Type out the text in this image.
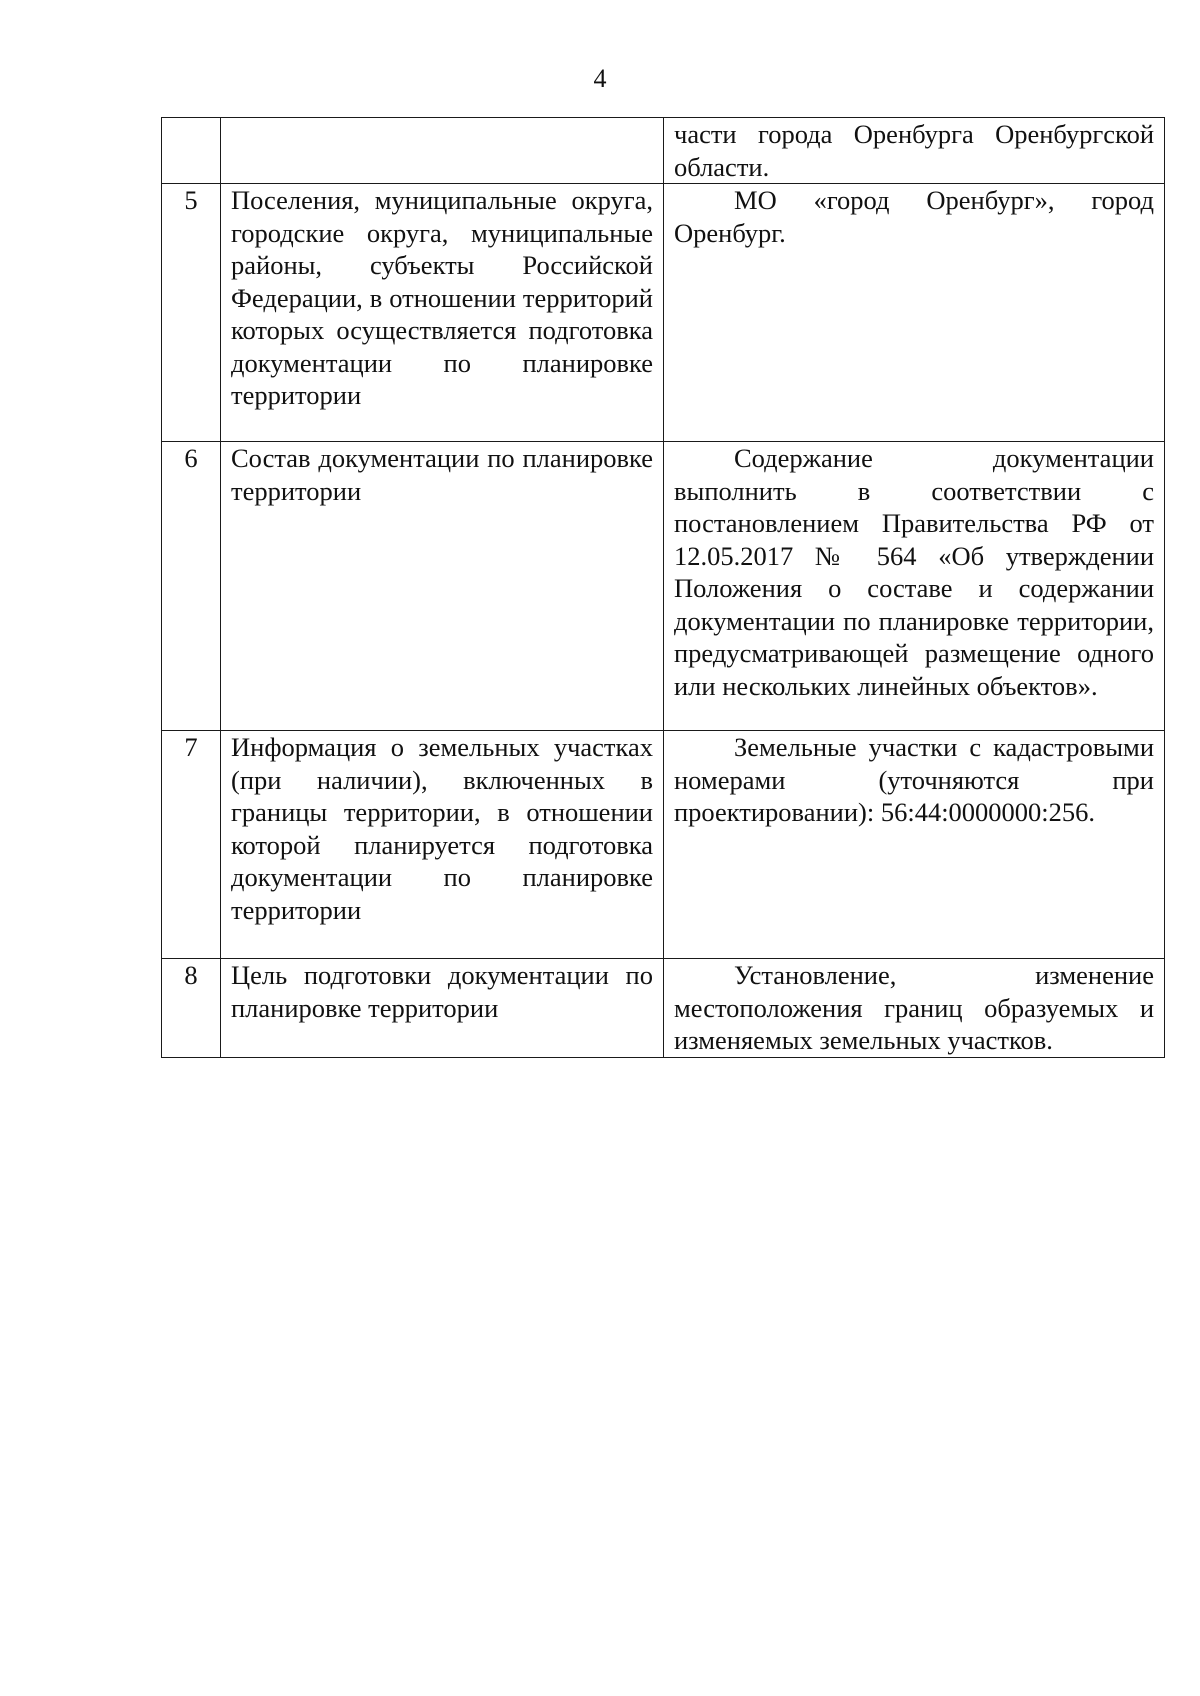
4

		части города Оренбурга Оренбургской области.

5	Поселения, муниципальные округа, городские округа, муниципальные районы, субъекты Российской Федерации, в отношении территорий которых осуществляется подготовка документации по планировке территории	МО «город Оренбург», город Оренбург.

6	Состав документации по планировке территории	Содержание документации выполнить в соответствии с постановлением Правительства РФ от 12.05.2017 № 564 «Об утверждении Положения о составе и содержании документации по планировке территории, предусматривающей размещение одного или нескольких линейных объектов».

7	Информация о земельных участках (при наличии), включенных в границы территории, в отношении которой планируется подготовка документации по планировке территории	Земельные участки с кадастровыми номерами (уточняются при проектировании): 56:44:0000000:256.

8	Цель подготовки документации по планировке территории	Установление, изменение местоположения границ образуемых и изменяемых земельных участков.
